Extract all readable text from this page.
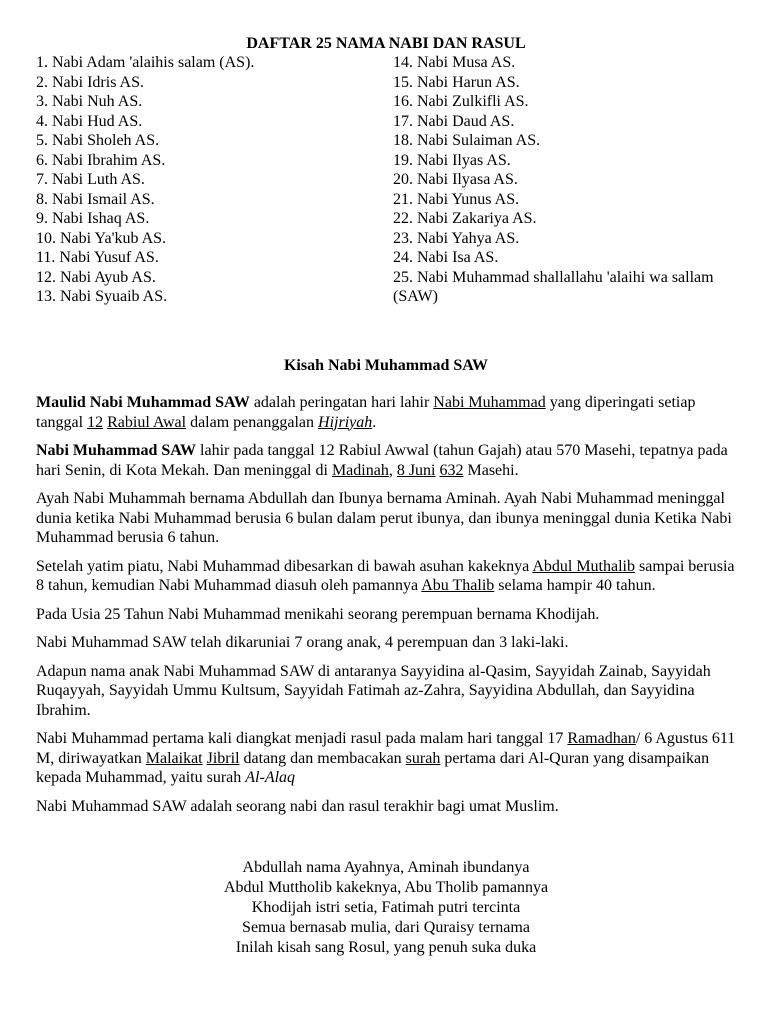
DAFTAR 25 NAMA NABI DAN RASUL
1. Nabi Adam 'alaihis salam (AS).
2. Nabi Idris AS.
3. Nabi Nuh AS.
4. Nabi Hud AS.
5. Nabi Sholeh AS.
6. Nabi Ibrahim AS.
7. Nabi Luth AS.
8. Nabi Ismail AS.
9. Nabi Ishaq AS.
10. Nabi Ya'kub AS.
11. Nabi Yusuf AS.
12. Nabi Ayub AS.
13. Nabi Syuaib AS.
14. Nabi Musa AS.
15. Nabi Harun AS.
16. Nabi Zulkifli AS.
17. Nabi Daud AS.
18. Nabi Sulaiman AS.
19. Nabi Ilyas AS.
20. Nabi Ilyasa AS.
21. Nabi Yunus AS.
22. Nabi Zakariya AS.
23. Nabi Yahya AS.
24. Nabi Isa AS.
25. Nabi Muhammad shallallahu 'alaihi wa sallam (SAW)
Kisah Nabi Muhammad SAW

Maulid Nabi Muhammad SAW adalah peringatan hari lahir Nabi Muhammad yang diperingati setiap tanggal 12 Rabiul Awal dalam penanggalan Hijriyah.

Nabi Muhammad SAW lahir pada tanggal 12 Rabiul Awwal (tahun Gajah) atau 570 Masehi, tepatnya pada hari Senin, di Kota Mekah. Dan meninggal di Madinah, 8 Juni 632 Masehi.

Ayah Nabi Muhammah bernama Abdullah dan Ibunya bernama Aminah. Ayah Nabi Muhammad meninggal dunia ketika Nabi Muhammad berusia 6 bulan dalam perut ibunya, dan ibunya meninggal dunia Ketika Nabi Muhammad berusia 6 tahun.

Setelah yatim piatu, Nabi Muhammad dibesarkan di bawah asuhan kakeknya Abdul Muthalib sampai berusia 8 tahun, kemudian Nabi Muhammad diasuh oleh pamannya Abu Thalib selama hampir 40 tahun.

Pada Usia 25 Tahun Nabi Muhammad menikahi seorang perempuan bernama Khodijah.

Nabi Muhammad SAW telah dikaruniai 7 orang anak, 4 perempuan dan 3 laki-laki.

Adapun nama anak Nabi Muhammad SAW di antaranya Sayyidina al-Qasim, Sayyidah Zainab, Sayyidah Ruqayyah, Sayyidah Ummu Kultsum, Sayyidah Fatimah az-Zahra, Sayyidina Abdullah, dan Sayyidina Ibrahim.

Nabi Muhammad pertama kali diangkat menjadi rasul pada malam hari tanggal 17 Ramadhan/ 6 Agustus 611 M, diriwayatkan Malaikat Jibril datang dan membacakan surah pertama dari Al-Quran yang disampaikan kepada Muhammad, yaitu surah Al-Alaq

Nabi Muhammad SAW adalah seorang nabi dan rasul terakhir bagi umat Muslim.

Abdullah nama Ayahnya, Aminah ibundanya
Abdul Muttholib kakeknya, Abu Tholib pamannya
Khodijah istri setia, Fatimah putri tercinta
Semua bernasab mulia, dari Quraisy ternama
Inilah kisah sang Rosul, yang penuh suka duka
